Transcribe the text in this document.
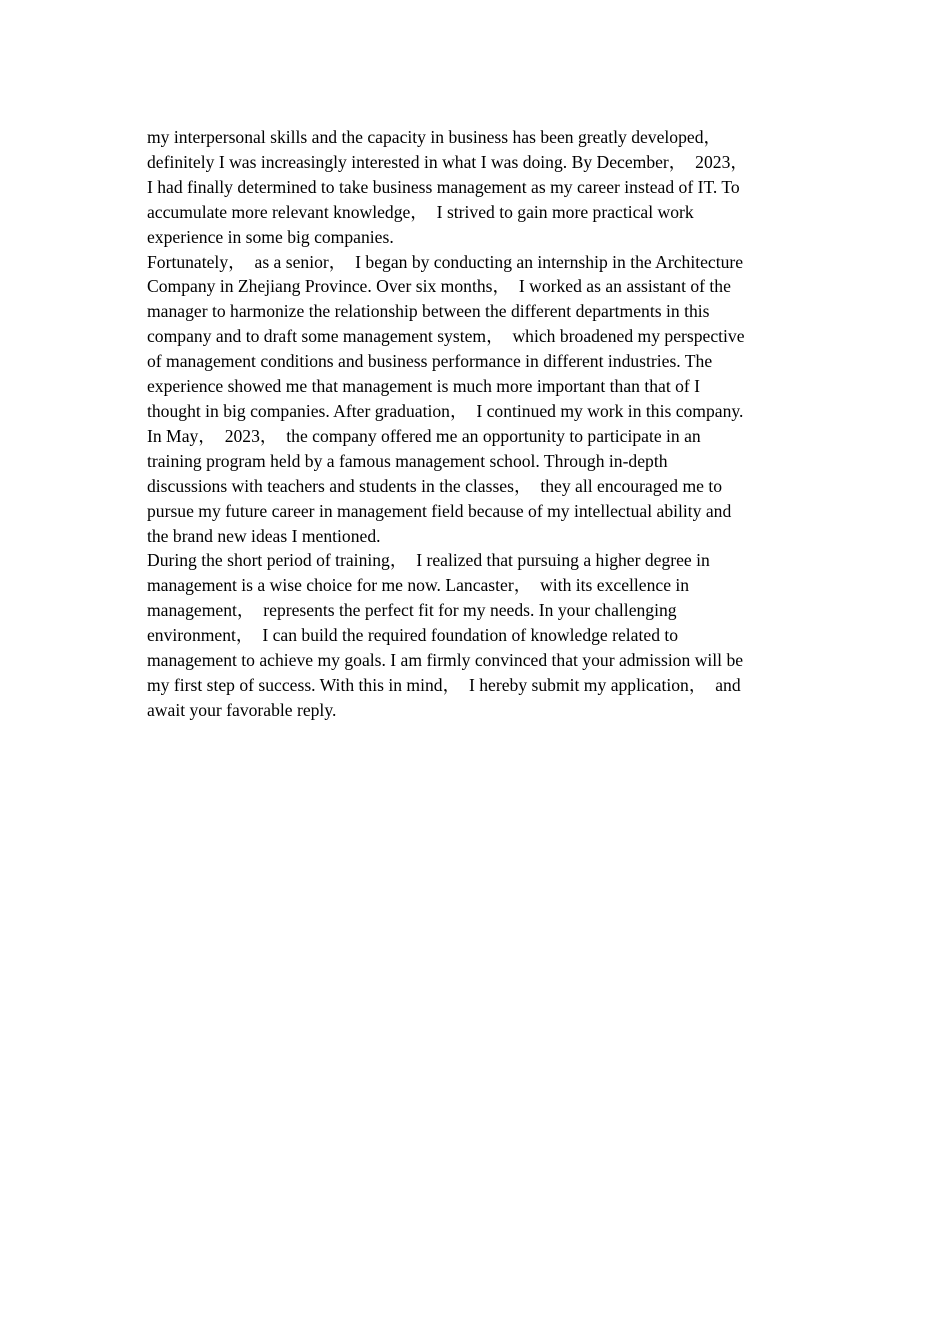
my interpersonal skills and the capacity in business has been greatly developed，
definitely I was increasingly interested in what I was doing. By December，  2023，
I had finally determined to take business management as my career instead of IT. To
accumulate more relevant knowledge，  I strived to gain more practical work
experience in some big companies.
Fortunately，  as a senior，  I began by conducting an internship in the Architecture
Company in Zhejiang Province. Over six months，  I worked as an assistant of the
manager to harmonize the relationship between the different departments in this
company and to draft some management system，  which broadened my perspective
of management conditions and business performance in different industries. The
experience showed me that management is much more important than that of I
thought in big companies. After graduation，  I continued my work in this company.
In May，  2023，  the company offered me an opportunity to participate in an
training program held by a famous management school. Through in-depth
discussions with teachers and students in the classes，  they all encouraged me to
pursue my future career in management field because of my intellectual ability and
the brand new ideas I mentioned.
During the short period of training，  I realized that pursuing a higher degree in
management is a wise choice for me now. Lancaster，  with its excellence in
management，  represents the perfect fit for my needs. In your challenging
environment，  I can build the required foundation of knowledge related to
management to achieve my goals. I am firmly convinced that your admission will be
my first step of success. With this in mind，  I hereby submit my application，  and
await your favorable reply.
